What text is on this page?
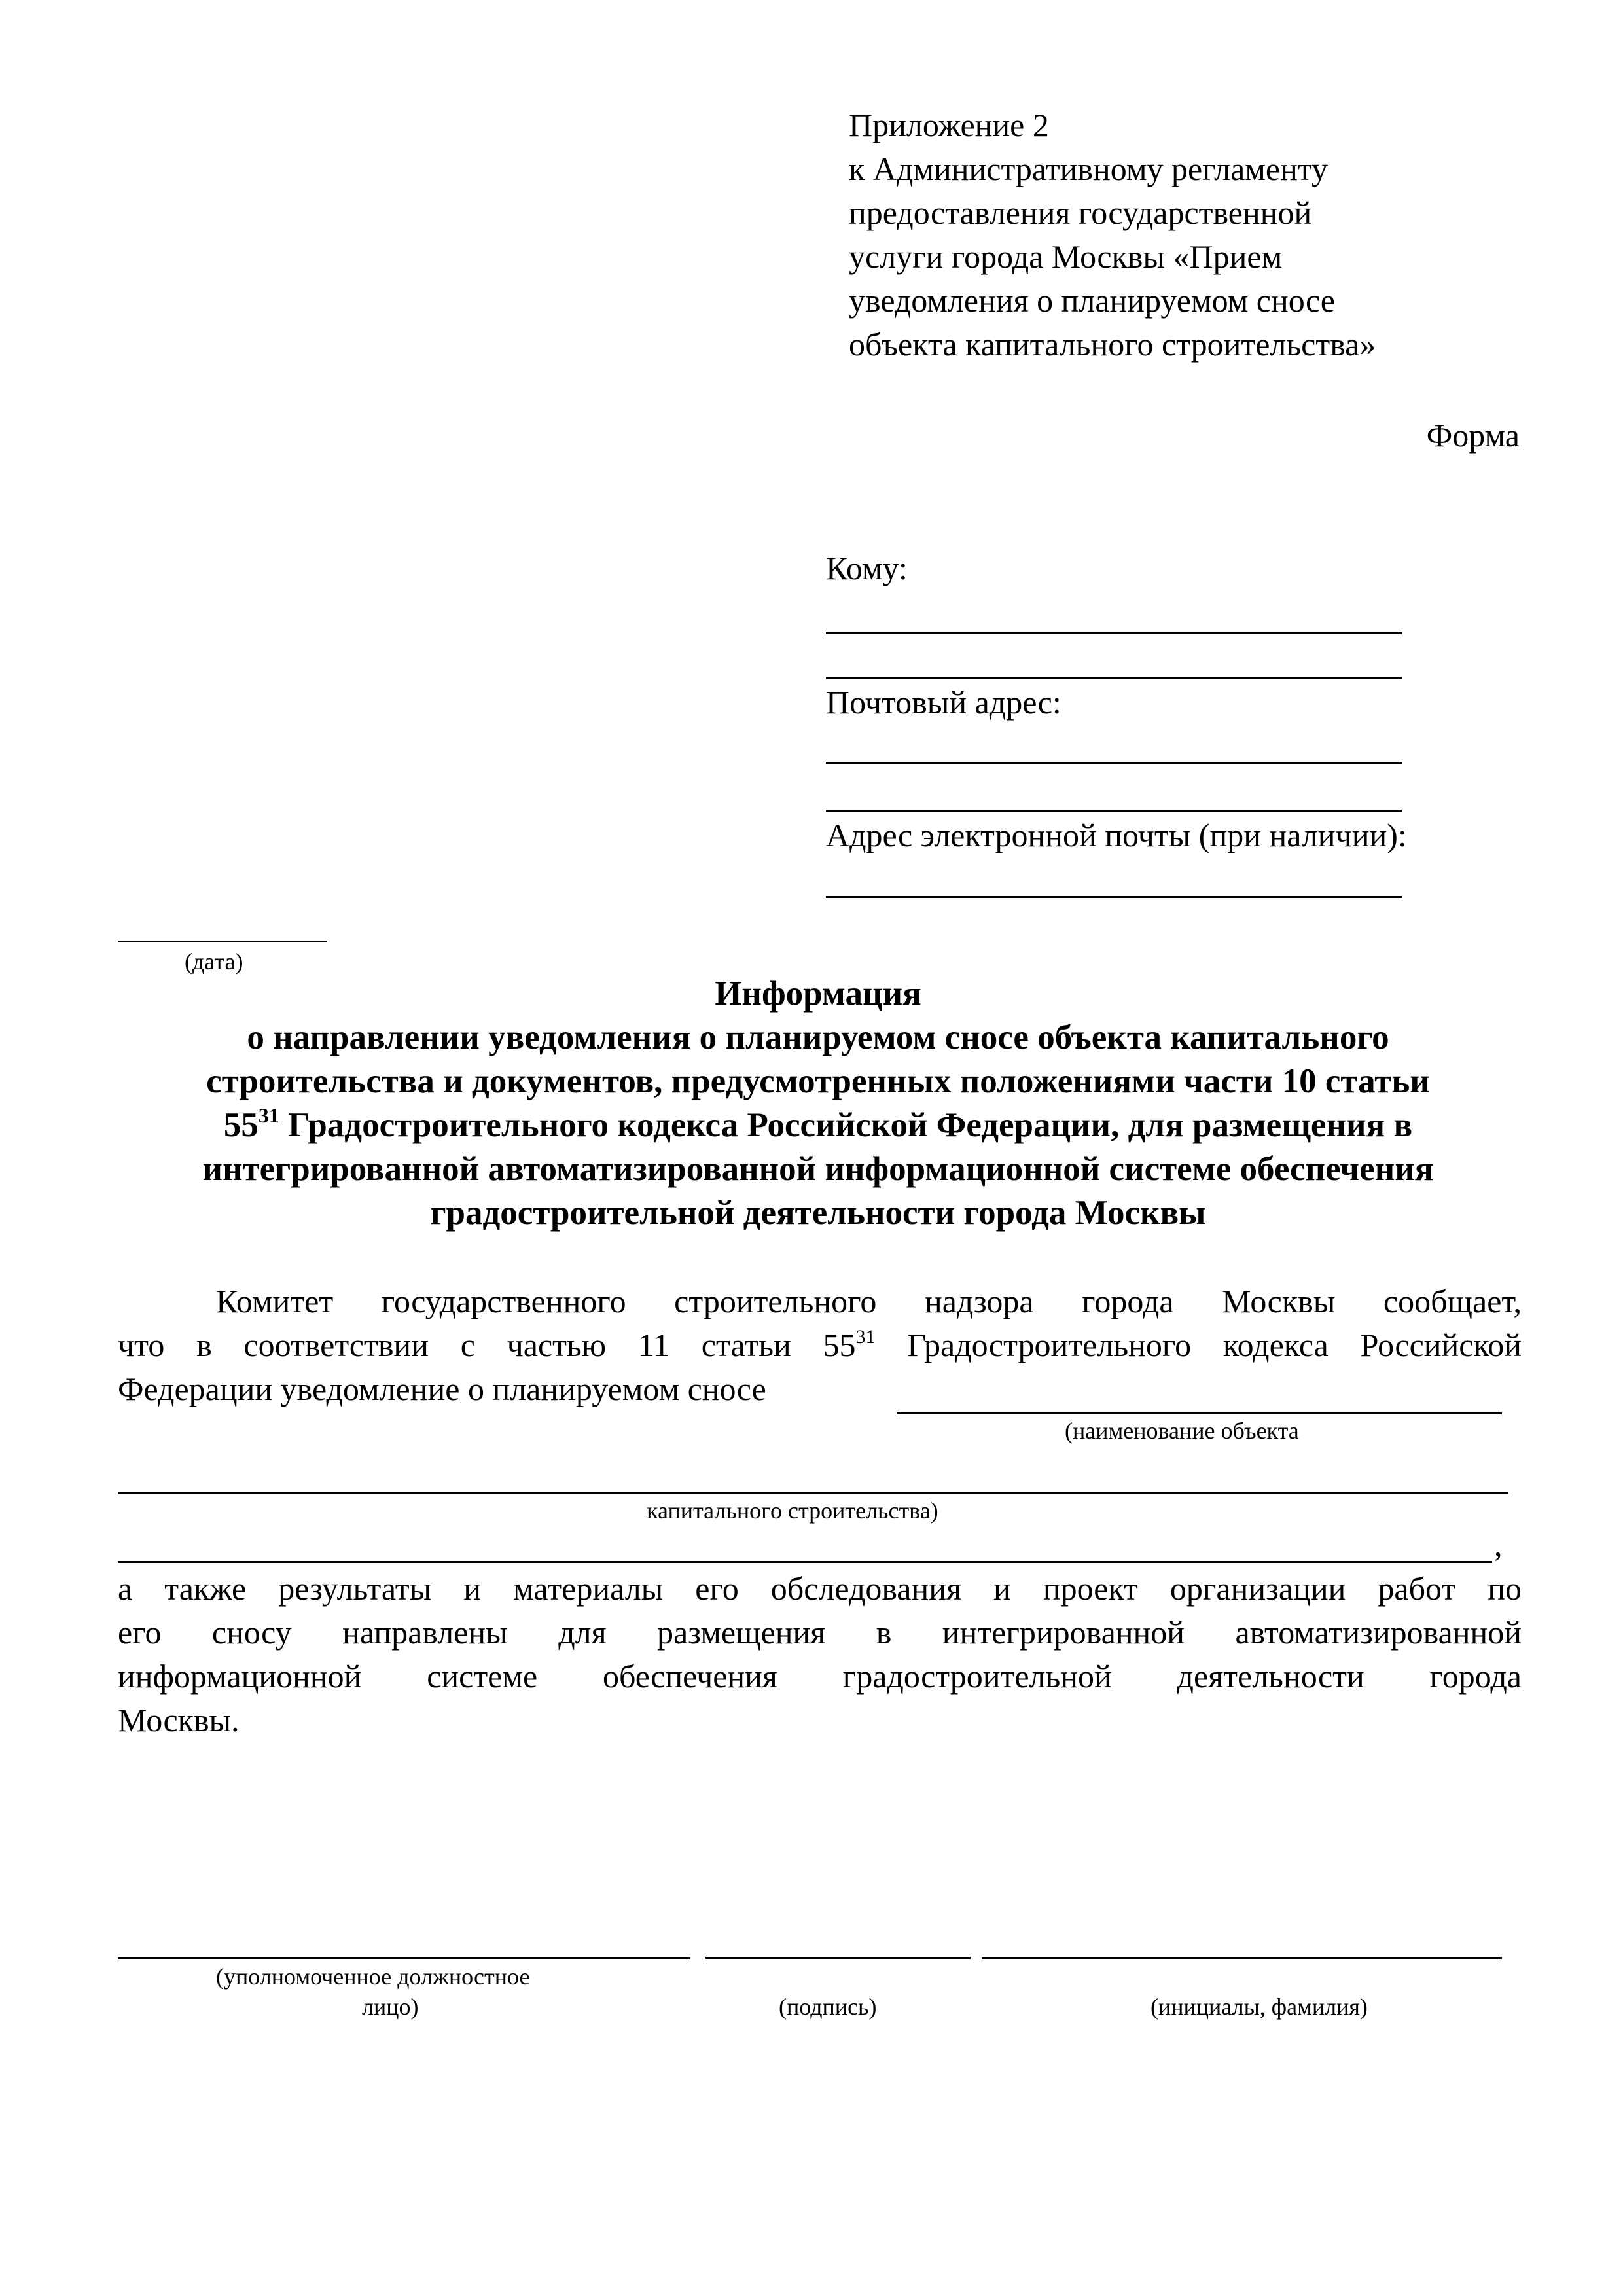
Приложение 2
к Административному регламенту
предоставления государственной
услуги города Москвы «Прием
уведомления о планируемом сносе
объекта капитального строительства»
Форма
Кому:
Почтовый адрес:
Адрес электронной почты (при наличии):
(дата)
Информация
о направлении уведомления о планируемом сносе объекта капитального
строительства и документов, предусмотренных положениями части 10 статьи
$55^{31}$ Градостроительного кодекса Российской Федерации, для размещения в
интегрированной автоматизированной информационной системе обеспечения
градостроительной деятельности города Москвы
Комитет государственного строительного надзора города Москвы сообщает,
что в соответствии с частью 11 статьи $55^{31}$ Градостроительного кодекса Российской
Федерации уведомление о планируемом сносе
(наименование объекта
капитального строительства)
,
а также результаты и материалы его обследования и проект организации работ по
его сносу направлены для размещения в интегрированной автоматизированной
информационной системе обеспечения градостроительной деятельности города
Москвы.
(уполномоченное должностное
лицо)	(подпись)	(инициалы, фамилия)
